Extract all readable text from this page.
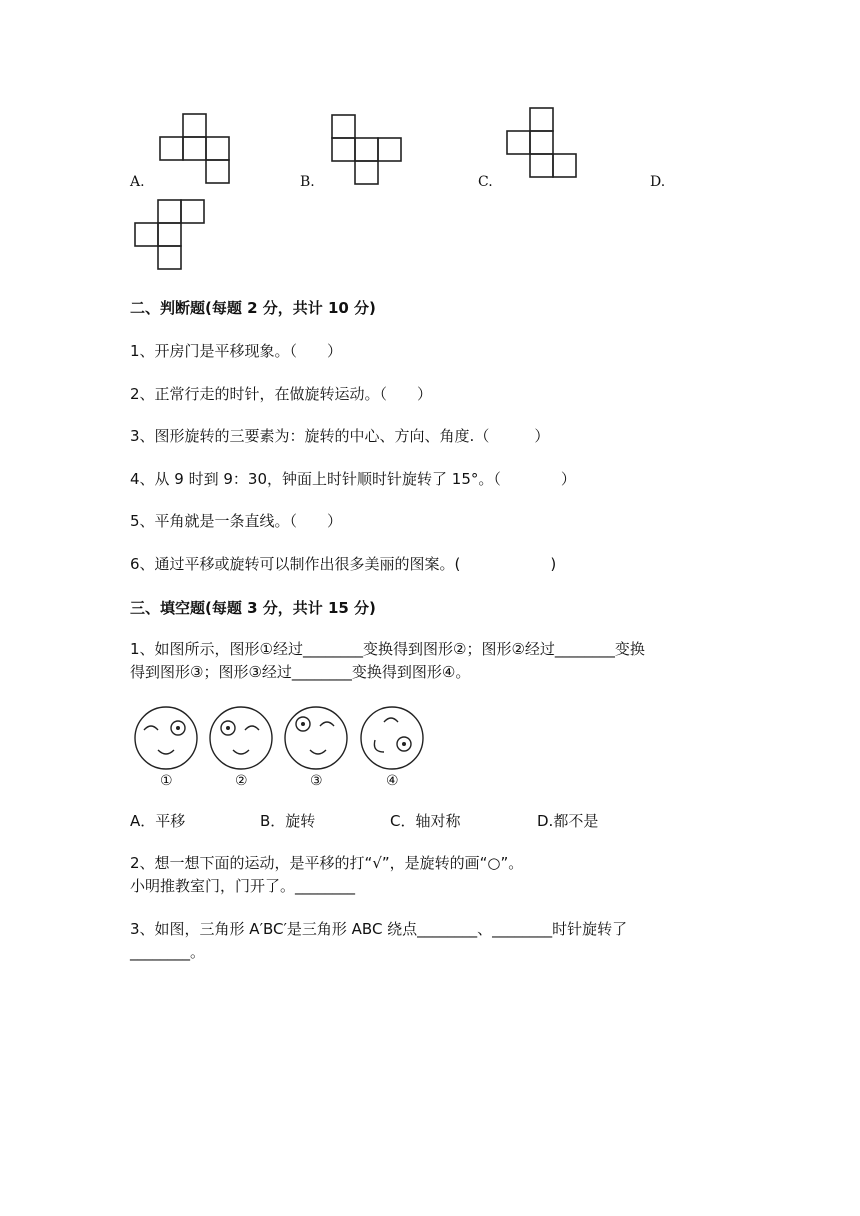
A.	B.	C.	D.
二、判断题(每题 2 分，共计 10 分)
1、开房门是平移现象。（　　）
2、正常行走的时针，在做旋转运动。（　　）
3、图形旋转的三要素为：旋转的中心、方向、角度.（　　　）
4、从 9 时到 9：30，钟面上时针顺时针旋转了 15°。（　　　　）
5、平角就是一条直线。（　　）
6、通过平移或旋转可以制作出很多美丽的图案。(　　　　　　)
三、填空题(每题 3 分，共计 15 分)
1、如图所示，图形①经过________变换得到图形②；图形②经过________变换
得到图形③；图形③经过________变换得到图形④。
①	②	③	④
A．平移	B．旋转	C．轴对称	D.都不是
2、想一想下面的运动，是平移的打“√”，是旋转的画“○”。
小明推教室门，门开了。________
3、如图，三角形 A′BC′是三角形 ABC 绕点________、________时针旋转了
________。
